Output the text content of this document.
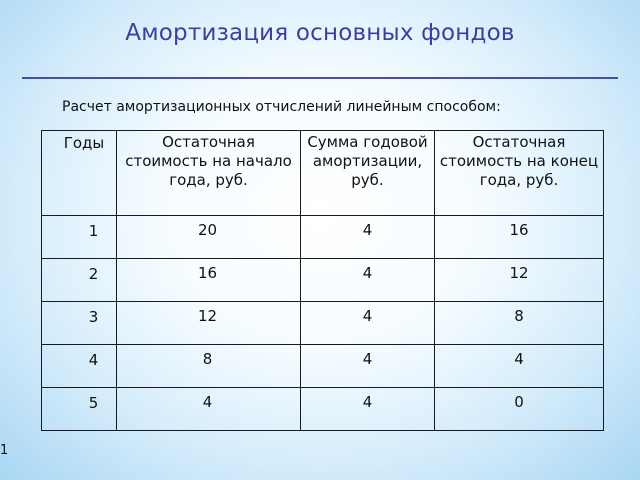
Амортизация основных фондов
Расчет амортизационных отчислений линейным способом:
Годы	Остаточная стоимость на начало года, руб.	Сумма годовой амортизации, руб.	Остаточная стоимость на конец года, руб.
1	20	4	16
2	16	4	12
3	12	4	8
4	8	4	4
5	4	4	0
1
